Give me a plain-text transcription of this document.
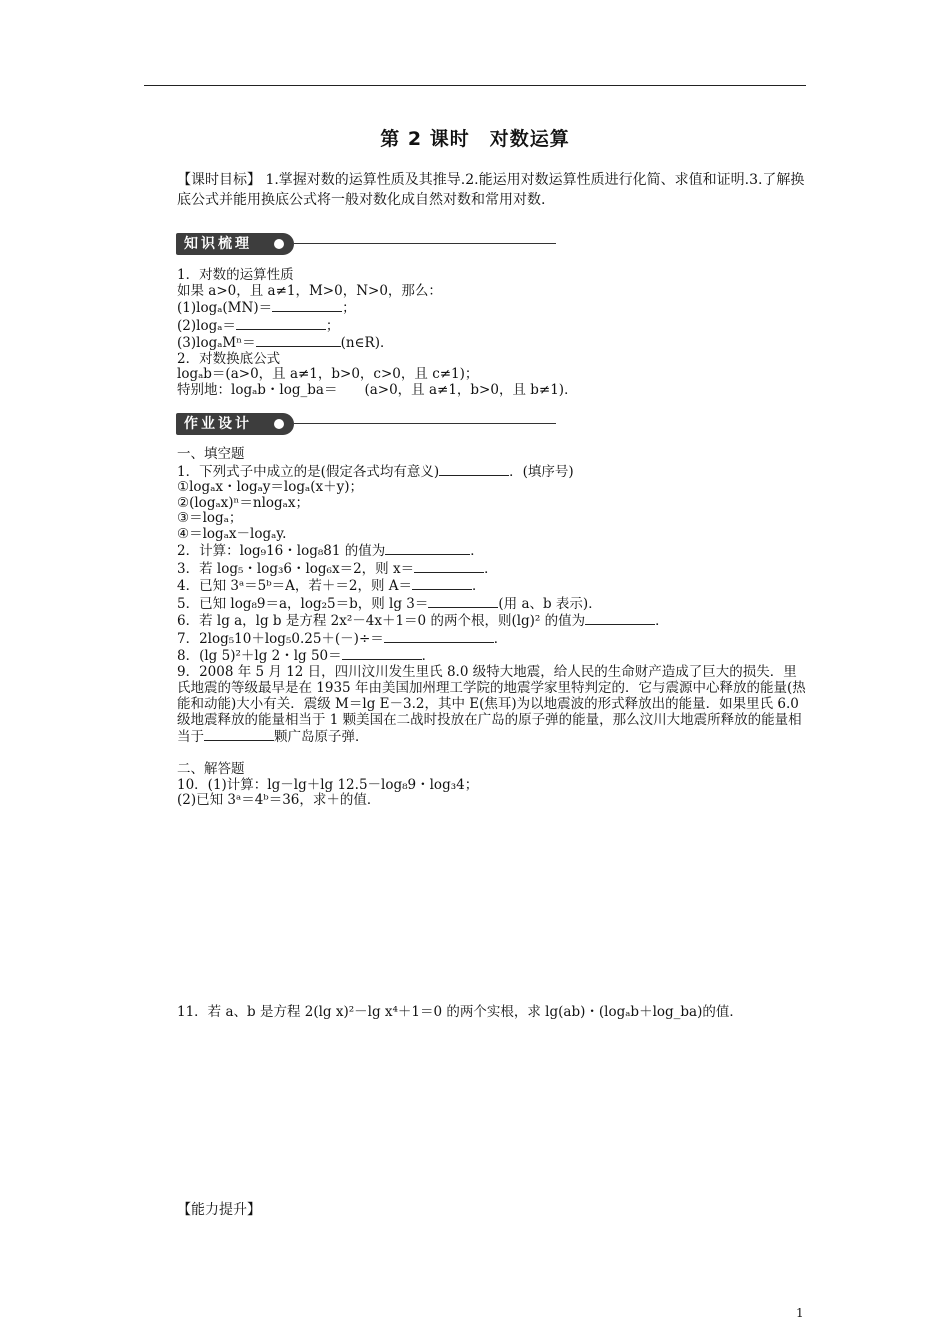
第 2 课时　对数运算
【课时目标】 1.掌握对数的运算性质及其推导.2.能运用对数运算性质进行化简、求值和证明.3.了解换底公式并能用换底公式将一般对数化成自然对数和常用对数.
知识梳理
1．对数的运算性质
如果 a>0，且 a≠1，M>0，N>0，那么：
(1)logₐ(MN)＝	；
(2)logₐ＝	；
(3)logₐMⁿ＝	(n∈R)．
2．对数换底公式
logₐb＝(a>0，且 a≠1，b>0，c>0，且 c≠1)；
特别地：logₐb・log_ba＝　　(a>0，且 a≠1，b>0，且 b≠1)．
作业设计
一、填空题
1．下列式子中成立的是(假定各式均有意义)	．(填序号)
①logₐx・logₐy＝logₐ(x＋y)；
②(logₐx)ⁿ＝nlogₐx；
③＝logₐ；
④＝logₐx－logₐy.
2．计算：log₉16・log₈81 的值为	．
3．若 log₅・log₃6・log₆x＝2，则 x＝	．
4．已知 3ᵃ＝5ᵇ＝A，若＋＝2，则 A＝	．
5．已知 log₈9＝a，log₂5＝b，则 lg 3＝	(用 a、b 表示)．
6．若 lg a，lg b 是方程 2x²－4x＋1＝0 的两个根，则(lg)² 的值为	．
7．2log₅10＋log₅0.25＋(－)÷＝	．
8．(lg 5)²＋lg 2・lg 50＝	．
9．2008 年 5 月 12 日，四川汶川发生里氏 8.0 级特大地震，给人民的生命财产造成了巨大的损失．里氏地震的等级最早是在 1935 年由美国加州理工学院的地震学家里特判定的．它与震源中心释放的能量(热能和动能)大小有关．震级 M＝lg E－3.2，其中 E(焦耳)为以地震波的形式释放出的能量．如果里氏 6.0 级地震释放的能量相当于 1 颗美国在二战时投放在广岛的原子弹的能量，那么汶川大地震所释放的能量相当于	颗广岛原子弹．
二、解答题
10．(1)计算：lg－lg＋lg 12.5－log₈9・log₃4；
(2)已知 3ᵃ＝4ᵇ＝36，求＋的值．
11．若 a、b 是方程 2(lg x)²－lg x⁴＋1＝0 的两个实根，求 lg(ab)・(logₐb＋log_ba)的值．
【能力提升】
1
